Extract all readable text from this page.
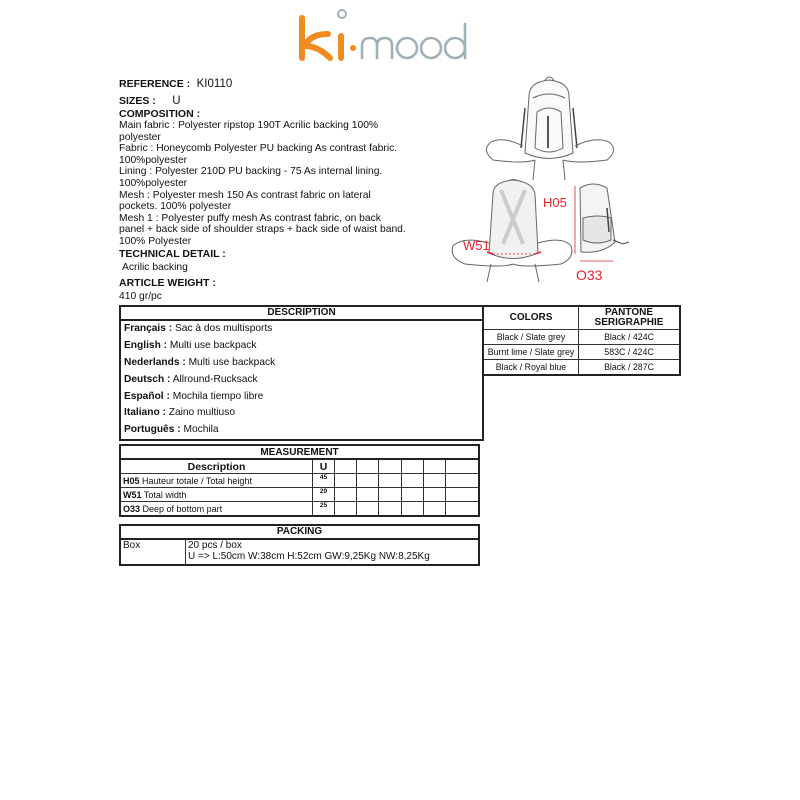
REFERENCE : KI0110
SIZES : U
COMPOSITION :
Main fabric : Polyester ripstop 190T Acrilic backing 100%
polyester
Fabric : Honeycomb Polyester PU backing As contrast fabric.
100%polyester
Lining : Polyester 210D PU backing - 75 As internal lining.
100%polyester
Mesh : Polyester mesh 150 As contrast fabric on lateral
pockets. 100% polyester
Mesh 1 : Polyester puffy mesh As contrast fabric, on back
panel + back side of shoulder straps + back side of waist band.
100% Polyester
TECHNICAL DETAIL :
Acrilic backing
ARTICLE WEIGHT :
410 gr/pc
H05
W51
O33
DESCRIPTION
Français : Sac à dos multisports
English : Multi use backpack
Nederlands : Multi use backpack
Deutsch : Allround-Rucksack
Español : Mochila tiempo libre
Italiano : Zaino multiuso
Português : Mochila
COLORS	PANTONE
SERIGRAPHIE
Black / Slate grey	Black / 424C
Burnt lime / Slate grey	583C / 424C
Black / Royal blue	Black / 287C
MEASUREMENT							
Description	U						
H05 Hauteur totale / Total height	45						
W51 Total width	29						
O33 Deep of bottom part	25						
PACKING
Box	20 pcs / box
U => L:50cm W:38cm H:52cm GW:9,25Kg NW:8,25Kg
